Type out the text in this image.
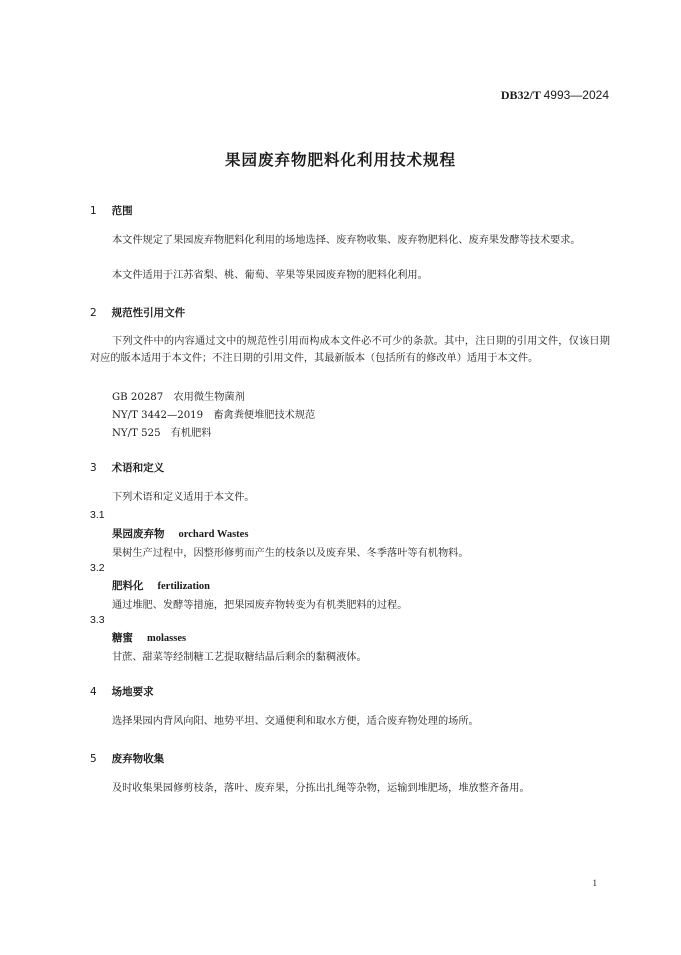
DB32/T 4993—2024
果园废弃物肥料化利用技术规程
1 范围
本文件规定了果园废弃物肥料化利用的场地选择、废弃物收集、废弃物肥料化、废弃果发酵等技术要求。
本文件适用于江苏省梨、桃、葡萄、苹果等果园废弃物的肥料化利用。
2 规范性引用文件
下列文件中的内容通过文中的规范性引用而构成本文件必不可少的条款。其中，注日期的引用文件，仅该日期对应的版本适用于本文件；不注日期的引用文件，其最新版本（包括所有的修改单）适用于本文件。
GB 20287　农用微生物菌剂
NY/T 3442—2019　畜禽粪便堆肥技术规范
NY/T 525　有机肥料
3 术语和定义
下列术语和定义适用于本文件。
3.1
果园废弃物 orchard Wastes
果树生产过程中，因整形修剪而产生的枝条以及废弃果、冬季落叶等有机物料。
3.2
肥料化 fertilization
通过堆肥、发酵等措施，把果园废弃物转变为有机类肥料的过程。
3.3
糖蜜 molasses
甘蔗、甜菜等经制糖工艺提取糖结晶后剩余的黏稠液体。
4 场地要求
选择果园内背风向阳、地势平坦、交通便利和取水方便，适合废弃物处理的场所。
5 废弃物收集
及时收集果园修剪枝条，落叶、废弃果，分拣出扎绳等杂物，运输到堆肥场，堆放整齐备用。
1
